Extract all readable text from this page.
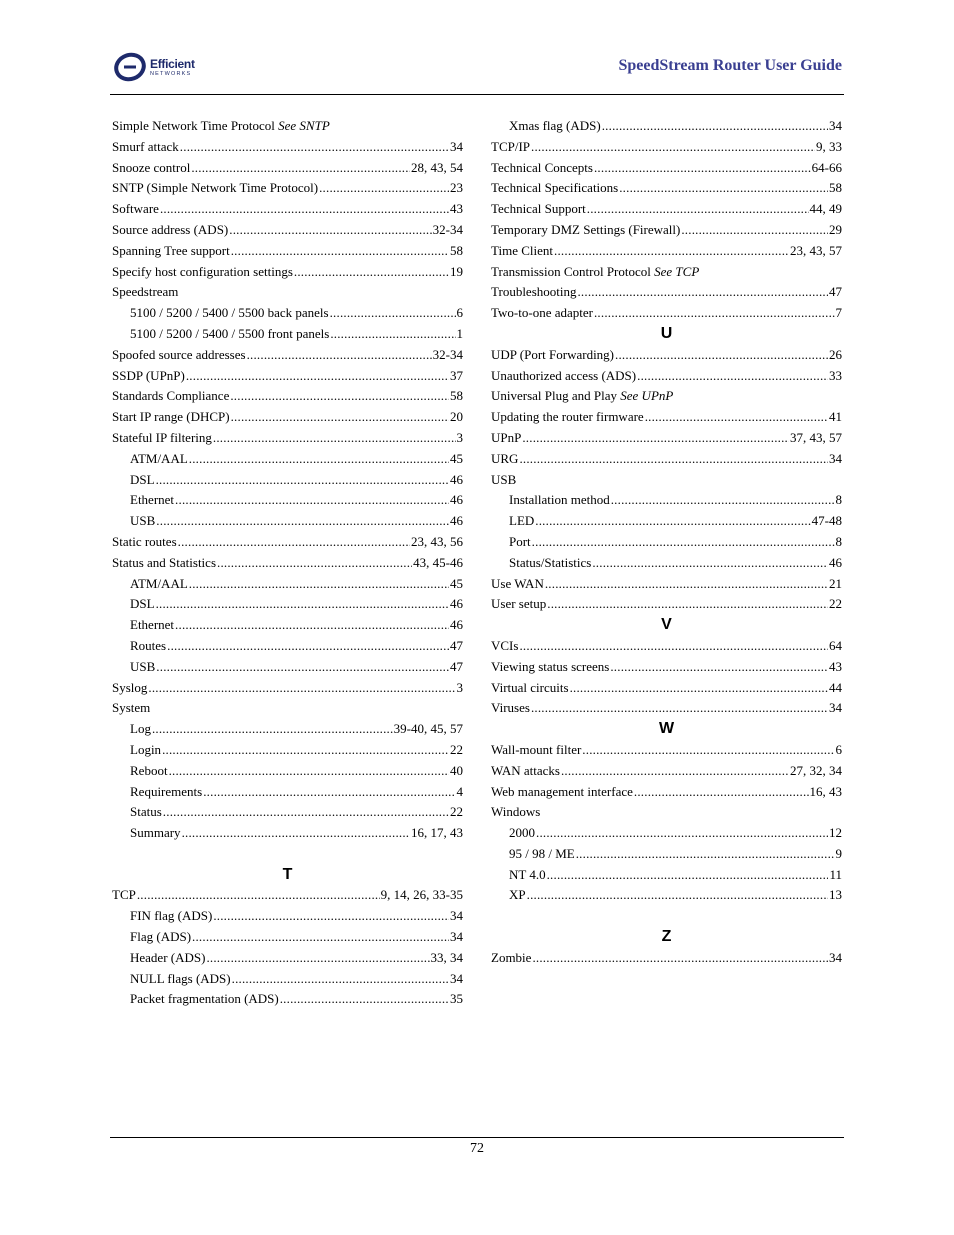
Efficient
NETWORKS	SpeedStream Router User Guide
Simple Network Time Protocol See SNTP
Smurf attack .....	34
Snooze control .....	28, 43, 54
SNTP (Simple Network Time Protocol) .....	23
Software .....	43
Source address (ADS) .....	32-34
Spanning Tree support .....	58
Specify host configuration settings .....	19
Speedstream
5100 / 5200 / 5400 / 5500 back panels .....	6
5100 / 5200 / 5400 / 5500 front panels .....	1
Spoofed source addresses .....	32-34
SSDP (UPnP) .....	37
Standards Compliance .....	58
Start IP range (DHCP) .....	20
Stateful IP filtering .....	3
ATM/AAL .....	45
DSL .....	46
Ethernet .....	46
USB .....	46
Static routes .....	23, 43, 56
Status and Statistics .....	43, 45-46
ATM/AAL .....	45
DSL .....	46
Ethernet .....	46
Routes .....	47
USB .....	47
Syslog .....	3
System
Log .....	39-40, 45, 57
Login .....	22
Reboot .....	40
Requirements .....	4
Status .....	22
Summary .....	16, 17, 43
T
TCP .....	9, 14, 26, 33-35
FIN flag (ADS) .....	34
Flag (ADS) .....	34
Header (ADS) .....	33, 34
NULL flags (ADS) .....	34
Packet fragmentation (ADS) .....	35
Xmas flag (ADS) .....	34
TCP/IP .....	9, 33
Technical Concepts .....	64-66
Technical Specifications .....	58
Technical Support .....	44, 49
Temporary DMZ Settings (Firewall) .....	29
Time Client .....	23, 43, 57
Transmission Control Protocol See TCP
Troubleshooting .....	47
Two-to-one adapter .....	7
U
UDP (Port Forwarding) .....	26
Unauthorized access (ADS) .....	33
Universal Plug and Play See UPnP
Updating the router firmware .....	41
UPnP .....	37, 43, 57
URG .....	34
USB
Installation method .....	8
LED .....	47-48
Port .....	8
Status/Statistics .....	46
Use WAN .....	21
User setup .....	22
V
VCIs .....	64
Viewing status screens .....	43
Virtual circuits .....	44
Viruses .....	34
W
Wall-mount filter .....	6
WAN attacks .....	27, 32, 34
Web management interface .....	16, 43
Windows
2000 .....	12
95 / 98 / ME .....	9
NT 4.0 .....	11
XP .....	13
Z
Zombie .....	34
72
